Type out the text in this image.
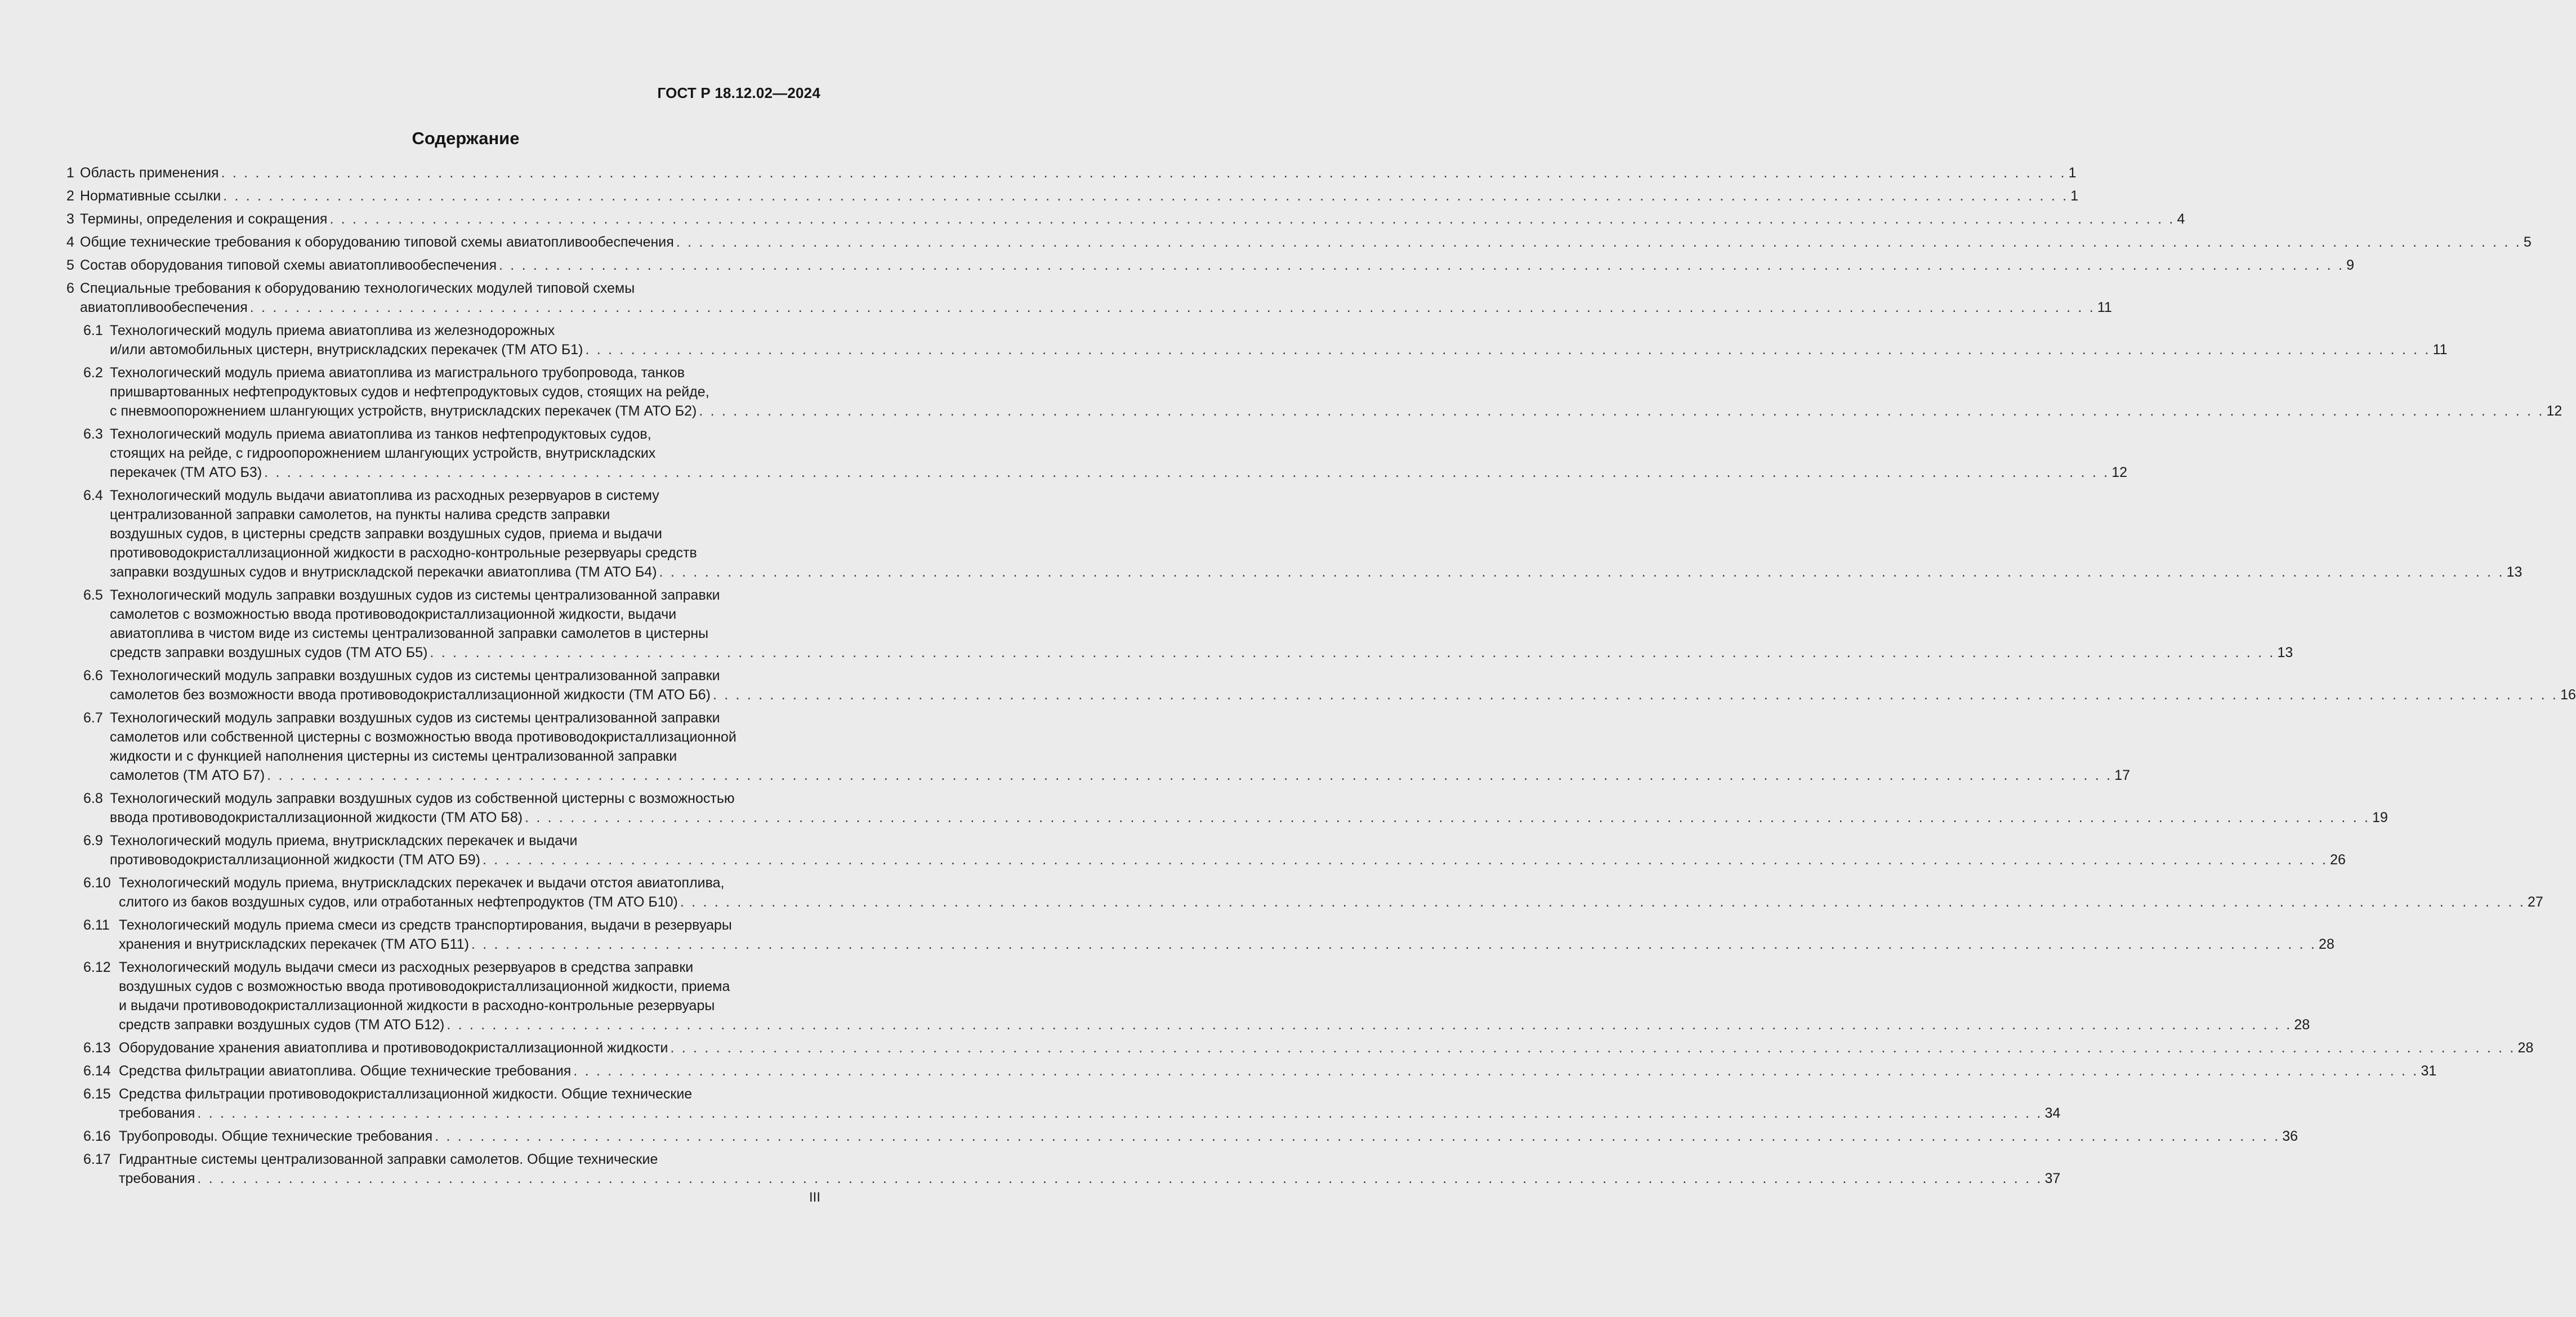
ГОСТ Р 18.12.02—2024
Содержание
1 Область применения . . .	1
2 Нормативные ссылки . . .	1
3 Термины, определения и сокращения . . .	4
4 Общие технические требования к оборудованию типовой схемы авиатопливообеспечения . . .	5
5 Состав оборудования типовой схемы авиатопливообеспечения . . .	9
6 Специальные требования к оборудованию технологических модулей типовой схемы
авиатопливообеспечения . . .	11
6.1 Технологический модуль приема авиатоплива из железнодорожных
и/или автомобильных цистерн, внутрискладских перекачек (ТМ АТО Б1) . . .	11
6.2 Технологический модуль приема авиатоплива из магистрального трубопровода, танков
пришвартованных нефтепродуктовых судов и нефтепродуктовых судов, стоящих на рейде,
с пневмоопорожнением шлангующих устройств, внутрискладских перекачек (ТМ АТО Б2) . . .	12
6.3 Технологический модуль приема авиатоплива из танков нефтепродуктовых судов,
стоящих на рейде, с гидроопорожнением шлангующих устройств, внутрискладских
перекачек (ТМ АТО Б3) . . .	12
6.4 Технологический модуль выдачи авиатоплива из расходных резервуаров в систему
централизованной заправки самолетов, на пункты налива средств заправки
воздушных судов, в цистерны средств заправки воздушных судов, приема и выдачи
противоводокристаллизационной жидкости в расходно-контрольные резервуары средств
заправки воздушных судов и внутрискладской перекачки авиатоплива (ТМ АТО Б4) . . .	13
6.5 Технологический модуль заправки воздушных судов из системы централизованной заправки
самолетов с возможностью ввода противоводокристаллизационной жидкости, выдачи
авиатоплива в чистом виде из системы централизованной заправки самолетов в цистерны
средств заправки воздушных судов (ТМ АТО Б5) . . .	13
6.6 Технологический модуль заправки воздушных судов из системы централизованной заправки
самолетов без возможности ввода противоводокристаллизационной жидкости (ТМ АТО Б6) . . .	16
6.7 Технологический модуль заправки воздушных судов из системы централизованной заправки
самолетов или собственной цистерны с возможностью ввода противоводокристаллизационной
жидкости и с функцией наполнения цистерны из системы централизованной заправки
самолетов (ТМ АТО Б7) . . .	17
6.8 Технологический модуль заправки воздушных судов из собственной цистерны с возможностью
ввода противоводокристаллизационной жидкости (ТМ АТО Б8) . . .	19
6.9 Технологический модуль приема, внутрискладских перекачек и выдачи
противоводокристаллизационной жидкости (ТМ АТО Б9) . . .	26
6.10 Технологический модуль приема, внутрискладских перекачек и выдачи отстоя авиатоплива,
слитого из баков воздушных судов, или отработанных нефтепродуктов (ТМ АТО Б10) . . .	27
6.11 Технологический модуль приема смеси из средств транспортирования, выдачи в резервуары
хранения и внутрискладских перекачек (ТМ АТО Б11) . . .	28
6.12 Технологический модуль выдачи смеси из расходных резервуаров в средства заправки
воздушных судов с возможностью ввода противоводокристаллизационной жидкости, приема
и выдачи противоводокристаллизационной жидкости в расходно-контрольные резервуары
средств заправки воздушных судов (ТМ АТО Б12) . . .	28
6.13 Оборудование хранения авиатоплива и противоводокристаллизационной жидкости . . .	28
6.14 Средства фильтрации авиатоплива. Общие технические требования . . .	31
6.15 Средства фильтрации противоводокристаллизационной жидкости. Общие технические
требования . . .	34
6.16 Трубопроводы. Общие технические требования . . .	36
6.17 Гидрантные системы централизованной заправки самолетов. Общие технические
требования . . .	37
III
